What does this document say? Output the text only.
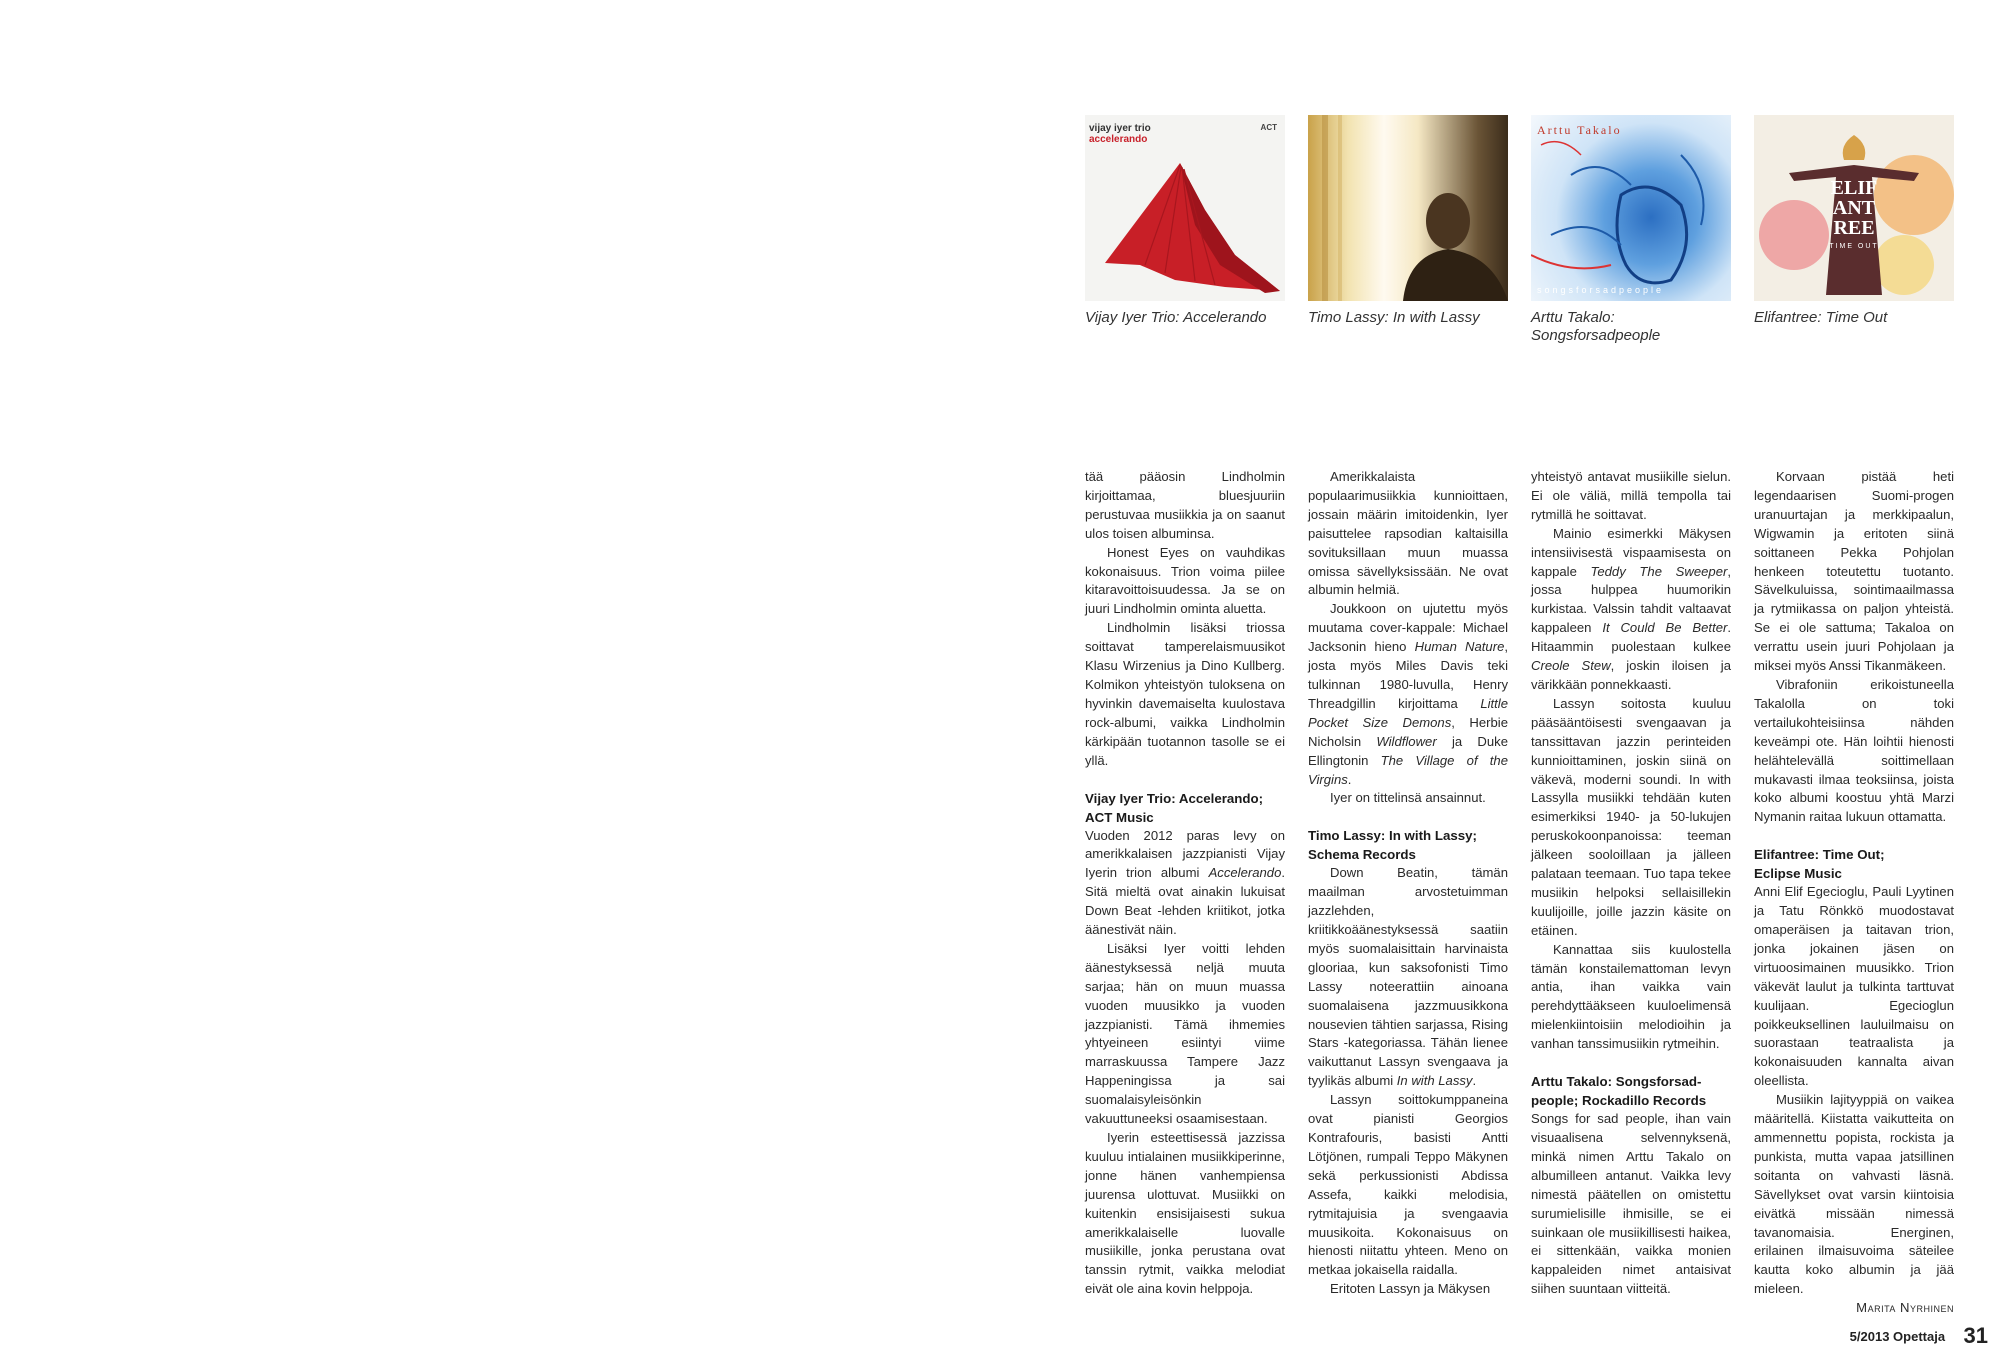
vijay iyer trio
accelerando
ACT
Vijay Iyer Trio: Accelerando	Timo Lassy: In with Lassy
Arttu Takalo
songsforsadpeople
Arttu Takalo:
Songsforsadpeople
ELIF
ANT
REE
TIME OUT
Elifantree: Time Out

tää pääosin Lindholmin kirjoittamaa, bluesjuuriin perustuvaa musiikkia ja on saanut ulos toisen albuminsa.

Honest Eyes on vauhdikas kokonaisuus. Trion voima piilee kitaravoittoisuudessa. Ja se on juuri Lindholmin ominta aluetta.

Lindholmin lisäksi triossa soittavat tamperelaismuusikot Klasu Wirzenius ja Dino Kullberg. Kolmikon yhteistyön tuloksena on hyvinkin davemaiselta kuulostava rock-albumi, vaikka Lindholmin kärkipään tuotannon tasolle se ei yllä.

Vijay Iyer Trio: Accelerando;
ACT Music

Vuoden 2012 paras levy on amerikkalaisen jazzpianisti Vijay Iyerin trion albumi Accelerando. Sitä mieltä ovat ainakin lukuisat Down Beat -lehden kriitikot, jotka äänestivät näin.

Lisäksi Iyer voitti lehden äänestyksessä neljä muuta sarjaa; hän on muun muassa vuoden muusikko ja vuoden jazzpianisti. Tämä ihmemies yhtyeineen esiintyi viime marraskuussa Tampere Jazz Happeningissa ja sai suomalaisyleisönkin vakuuttuneeksi osaamisestaan.

Iyerin esteettisessä jazzissa kuuluu intialainen musiikkiperinne, jonne hänen vanhempiensa juurensa ulottuvat. Musiikki on kuitenkin ensisijaisesti sukua amerikkalaiselle luovalle musiikille, jonka perustana ovat tanssin rytmit, vaikka melodiat eivät ole aina kovin helppoja.

Amerikkalaista populaarimusiikkia kunnioittaen, jossain määrin imitoidenkin, Iyer paisuttelee rapsodian kaltaisilla sovituksillaan muun muassa omissa sävellyksissään. Ne ovat albumin helmiä.

Joukkoon on ujutettu myös muutama cover-kappale: Michael Jacksonin hieno Human Nature, josta myös Miles Davis teki tulkinnan 1980-luvulla, Henry Threadgillin kirjoittama Little Pocket Size Demons, Herbie Nicholsin Wildflower ja Duke Ellingtonin The Village of the Virgins.

Iyer on tittelinsä ansainnut.

Timo Lassy: In with Lassy;
Schema Records

Down Beatin, tämän maailman arvostetuimman jazzlehden, kriitikkoäänestyksessä saatiin myös suomalaisittain harvinaista glooriaa, kun saksofonisti Timo Lassy noteerattiin ainoana suomalaisena jazzmuusikkona nousevien tähtien sarjassa, Rising Stars -kategoriassa. Tähän lienee vaikuttanut Lassyn svengaava ja tyylikäs albumi In with Lassy.

Lassyn soittokumppaneina ovat pianisti Georgios Kontrafouris, basisti Antti Lötjönen, rumpali Teppo Mäkynen sekä perkussionisti Abdissa Assefa, kaikki melodisia, rytmitajuisia ja svengaavia muusikoita. Kokonaisuus on hienosti niitattu yhteen. Meno on metkaa jokaisella raidalla.

Eritoten Lassyn ja Mäkysen

yhteistyö antavat musiikille sielun. Ei ole väliä, millä tempolla tai rytmillä he soittavat.

Mainio esimerkki Mäkysen intensiivisestä vispaamisesta on kappale Teddy The Sweeper, jossa hulppea huumorikin kurkistaa. Valssin tahdit valtaavat kappaleen It Could Be Better. Hitaammin puolestaan kulkee Creole Stew, joskin iloisen ja värikkään ponnekkaasti.

Lassyn soitosta kuuluu pääsääntöisesti svengaavan ja tanssittavan jazzin perinteiden kunnioittaminen, joskin siinä on väkevä, moderni soundi. In with Lassylla musiikki tehdään kuten esimerkiksi 1940- ja 50-lukujen peruskokoonpanoissa: teeman jälkeen sooloillaan ja jälleen palataan teemaan. Tuo tapa tekee musiikin helpoksi sellaisillekin kuulijoille, joille jazzin käsite on etäinen.

Kannattaa siis kuulostella tämän konstailemattoman levyn antia, ihan vaikka vain perehdyttääkseen kuuloelimensä mielenkiintoisiin melodioihin ja vanhan tanssimusiikin rytmeihin.

Arttu Takalo: Songsforsad-
people; Rockadillo Records

Songs for sad people, ihan vain visuaalisena selvennyksenä, minkä nimen Arttu Takalo on albumilleen antanut. Vaikka levy nimestä päätellen on omistettu surumielisille ihmisille, se ei suinkaan ole musiikillisesti haikea, ei sittenkään, vaikka monien kappaleiden nimet antaisivat siihen suuntaan viitteitä.

Korvaan pistää heti legendaarisen Suomi-progen uranuurtajan ja merkkipaalun, Wigwamin ja eritoten siinä soittaneen Pekka Pohjolan henkeen toteutettu tuotanto. Sävelkuluissa, sointimaailmassa ja rytmiikassa on paljon yhteistä. Se ei ole sattuma; Takaloa on verrattu usein juuri Pohjolaan ja miksei myös Anssi Tikanmäkeen.

Vibrafoniin erikoistuneella Takalolla on toki vertailukohteisiinsa nähden keveämpi ote. Hän loihtii hienosti helähtelevällä soittimellaan mukavasti ilmaa teoksiinsa, joista koko albumi koostuu yhtä Marzi Nymanin raitaa lukuun ottamatta.

Elifantree: Time Out;
Eclipse Music

Anni Elif Egecioglu, Pauli Lyytinen ja Tatu Rönkkö muodostavat omaperäisen ja taitavan trion, jonka jokainen jäsen on virtuoosimainen muusikko. Trion väkevät laulut ja tulkinta tarttuvat kuulijaan. Egecioglun poikkeuksellinen lauluilmaisu on suorastaan teatraalista ja kokonaisuuden kannalta aivan oleellista.

Musiikin lajityyppiä on vaikea määritellä. Kiistatta vaikutteita on ammennettu popista, rockista ja punkista, mutta vapaa jatsillinen soitanta on vahvasti läsnä. Sävellykset ovat varsin kiintoisia eivätkä missään nimessä tavanomaisia. Energinen, erilainen ilmaisuvoima säteilee kautta koko albumin ja jää mieleen.

Marita Nyrhinen

5/2013 Opettaja 31
